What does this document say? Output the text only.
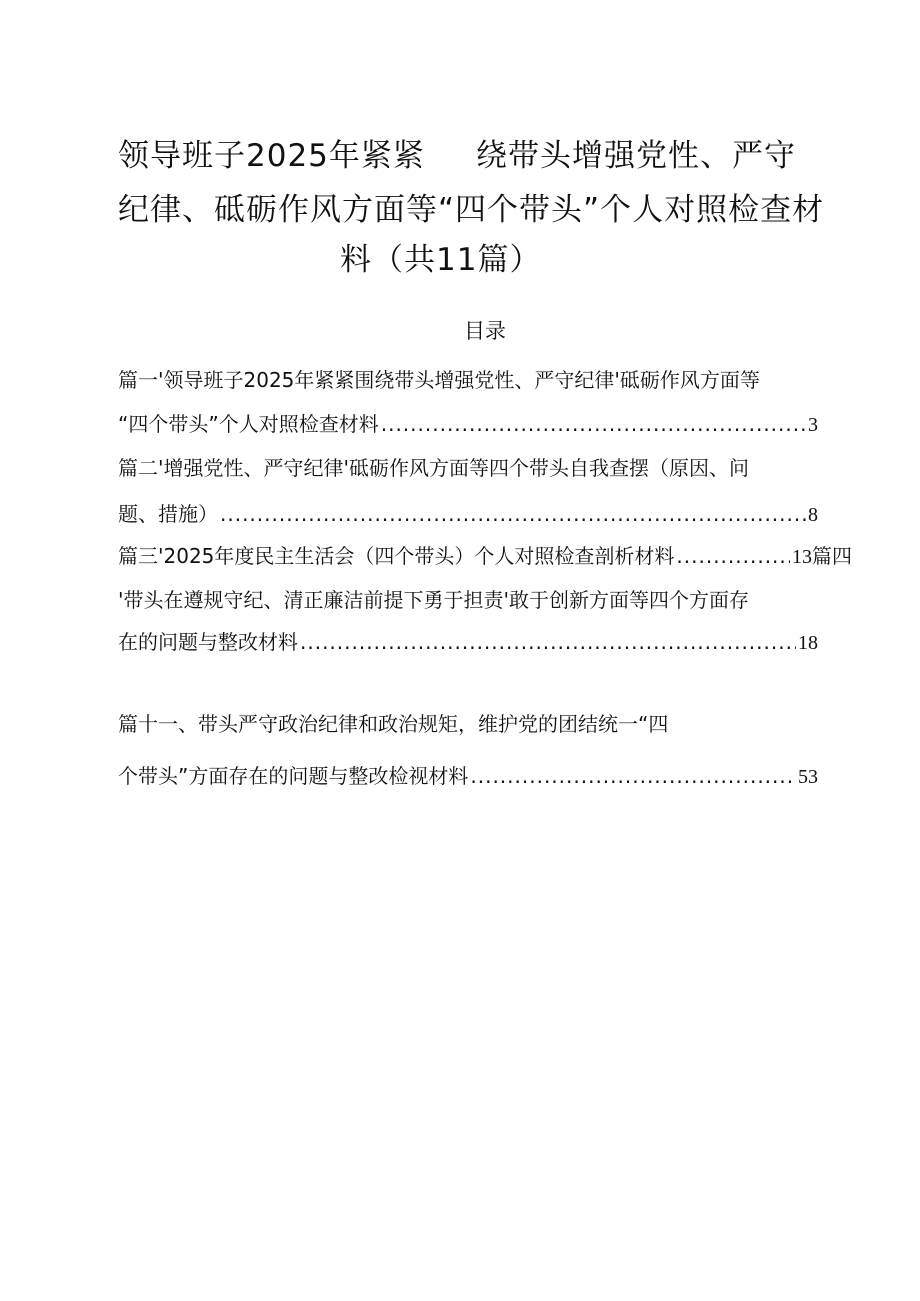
领导班子2025年紧紧 绕带头增强党性、严守
纪律、砥砺作风方面等“四个带头”个人对照检查材
料（共11篇）
目录
篇一'领导班子2025年紧紧围绕带头增强党性、严守纪律'砥砺作风方面等
“四个带头”个人对照检查材料 .....	3
篇二'增强党性、严守纪律'砥砺作风方面等四个带头自我查摆（原因、问
题、措施） .....	8
篇三'2025年度民主生活会（四个带头）个人对照检查剖析材料 .....	13 篇四
'带头在遵规守纪、清正廉洁前提下勇于担责'敢于创新方面等四个方面存
在的问题与整改材料 .....	18
篇十一、带头严守政治纪律和政治规矩，维护党的团结统一“四
个带头”方面存在的问题与整改检视材料 .....	53
